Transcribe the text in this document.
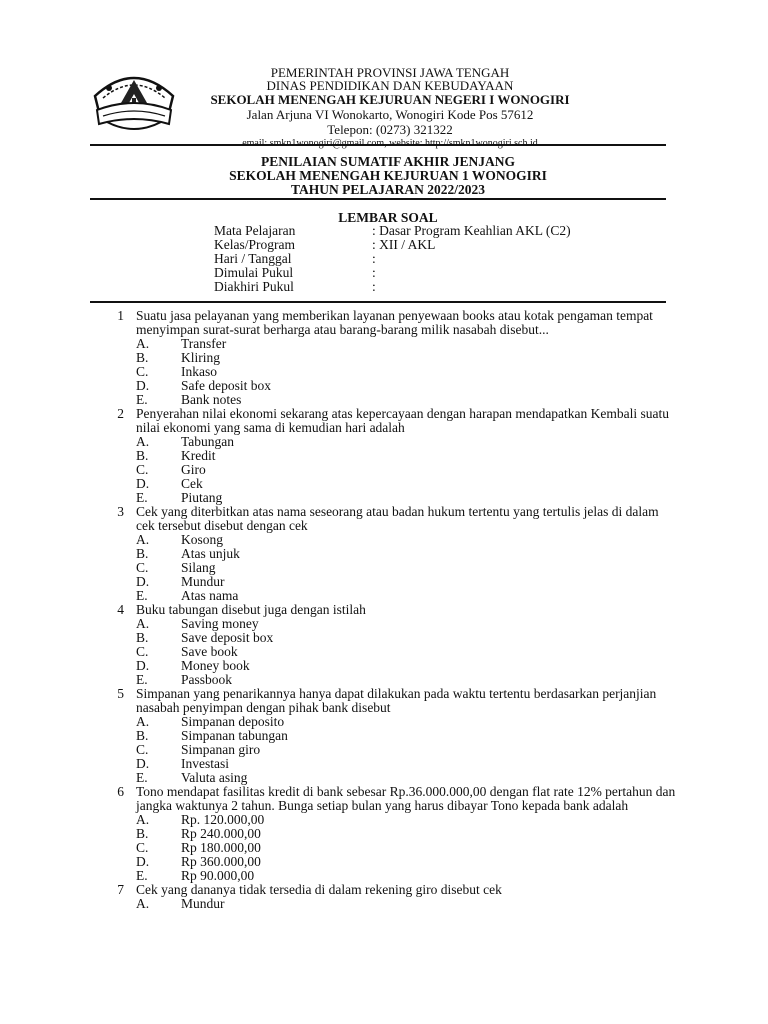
PEMERINTAH PROVINSI JAWA TENGAH
DINAS PENDIDIKAN DAN KEBUDAYAAN
SEKOLAH MENENGAH KEJURUAN NEGERI I WONOGIRI
Jalan Arjuna VI Wonokarto, Wonogiri Kode Pos 57612
Telepon: (0273) 321322
PENILAIAN SUMATIF AKHIR JENJANG
SEKOLAH MENENGAH KEJURUAN 1 WONOGIRI
TAHUN PELAJARAN 2022/2023
LEMBAR SOAL
Mata Pelajaran	: Dasar Program Keahlian AKL (C2)
Kelas/Program	: XII / AKL
Hari / Tanggal	:
Dimulai Pukul	:
Diakhiri Pukul	:
1 Suatu jasa pelayanan yang memberikan layanan penyewaan books atau kotak pengaman tempat menyimpan surat-surat berharga atau barang-barang milik nasabah disebut...
A.	Transfer
B.	Kliring
C.	Inkaso
D.	Safe deposit box
E.	Bank notes
2 Penyerahan nilai ekonomi sekarang atas kepercayaan dengan harapan mendapatkan Kembali suatu nilai ekonomi yang sama di kemudian hari adalah
A.	Tabungan
B.	Kredit
C.	Giro
D.	Cek
E.	Piutang
3 Cek yang diterbitkan atas nama seseorang atau badan hukum tertentu yang tertulis jelas di dalam cek tersebut disebut dengan cek
A.	Kosong
B.	Atas unjuk
C.	Silang
D.	Mundur
E.	Atas nama
4 Buku tabungan disebut juga dengan istilah
A.	Saving money
B.	Save deposit box
C.	Save book
D.	Money book
E.	Passbook
5 Simpanan yang penarikannya hanya dapat dilakukan pada waktu tertentu berdasarkan perjanjian nasabah penyimpan dengan pihak bank disebut
A.	Simpanan deposito
B.	Simpanan tabungan
C.	Simpanan giro
D.	Investasi
E.	Valuta asing
6 Tono mendapat fasilitas kredit di bank sebesar Rp.36.000.000,00 dengan flat rate 12% pertahun dan jangka waktunya 2 tahun. Bunga setiap bulan yang harus dibayar Tono kepada bank adalah
A.	Rp. 120.000,00
B.	Rp 240.000,00
C.	Rp 180.000,00
D.	Rp 360.000,00
E.	Rp 90.000,00
7 Cek yang dananya tidak tersedia di dalam rekening giro disebut cek
A.	Mundur
